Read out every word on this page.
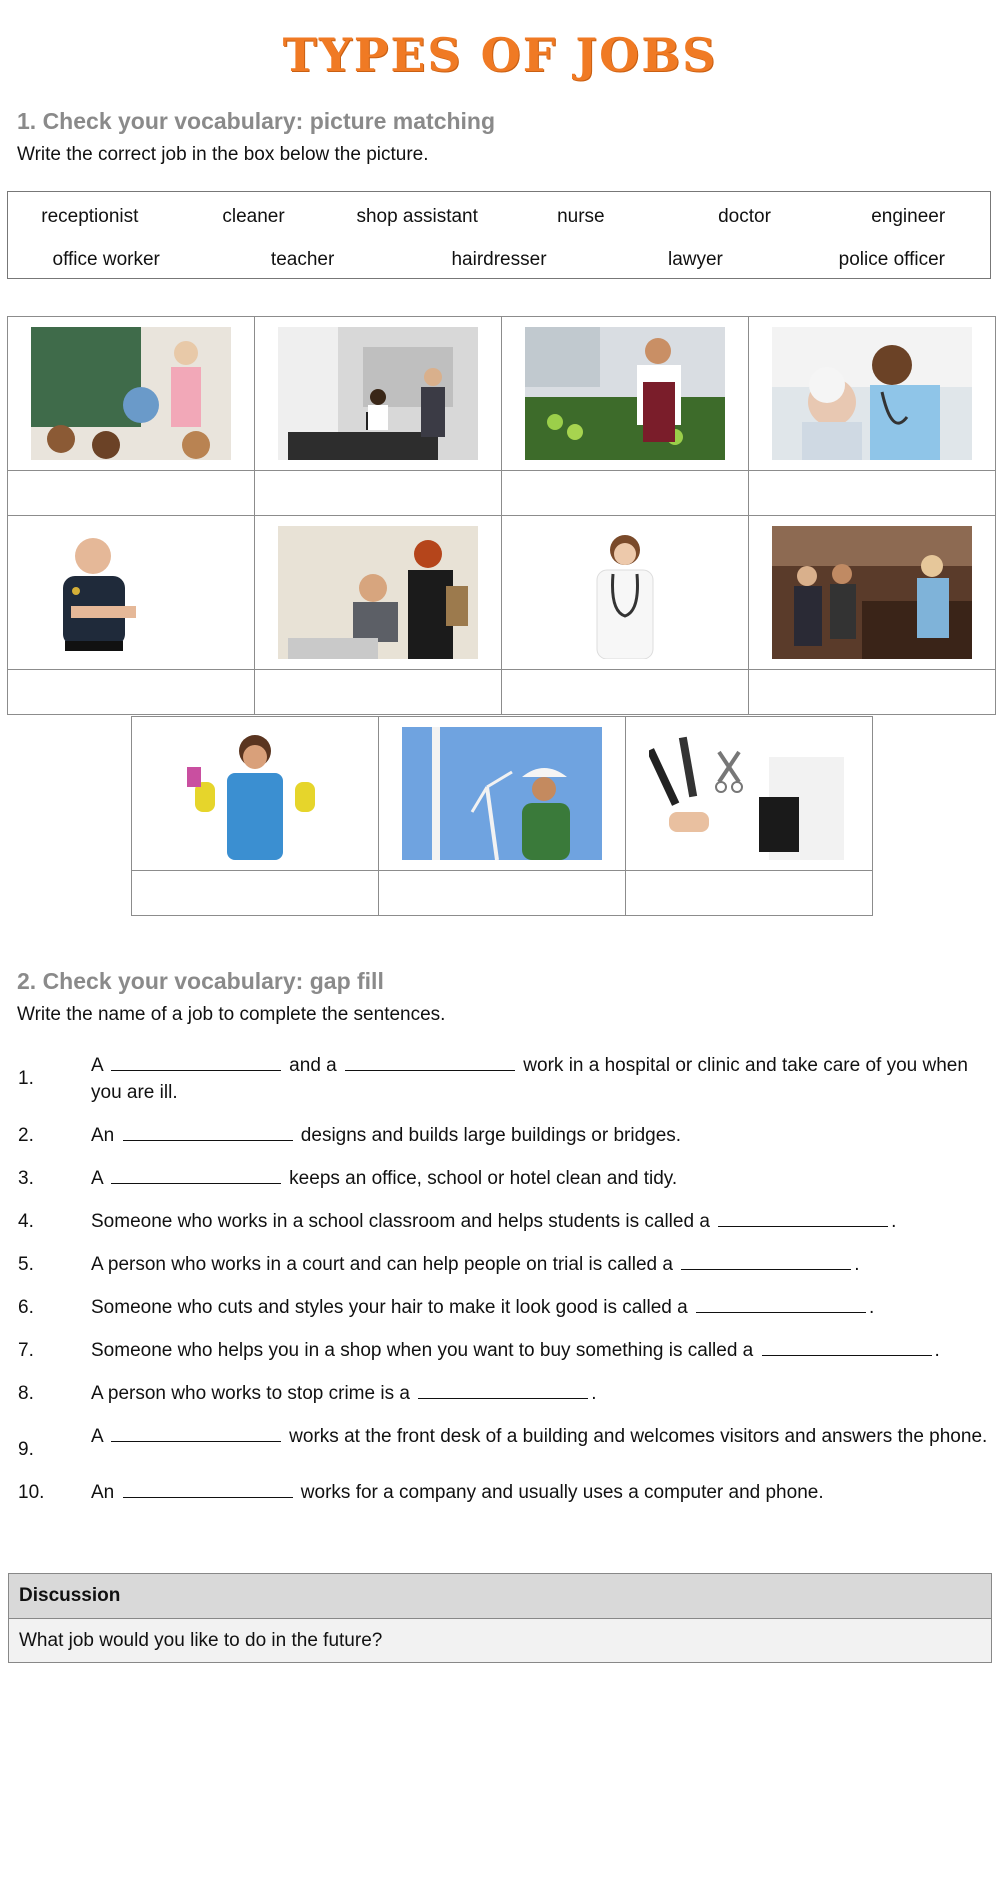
TYPES OF JOBS
1. Check your vocabulary: picture matching
Write the correct job in the box below the picture.
receptionist	cleaner	shop assistant	nurse	doctor	engineer
office worker	teacher	hairdresser	lawyer	police officer

2. Check your vocabulary: gap fill
Write the name of a job to complete the sentences.
1.
A	and a	work in a hospital or clinic and take care of you when you are ill.
2.	An	designs and builds large buildings or bridges.
3.	A	keeps an office, school or hotel clean and tidy.
4.	Someone who works in a school classroom and helps students is called a	.
5.	A person who works in a court and can help people on trial is called a	.
6.	Someone who cuts and styles your hair to make it look good is called a	.
7.	Someone who helps you in a shop when you want to buy something is called a	.
8.	A person who works to stop crime is a	.
9.
A	works at the front desk of a building and welcomes visitors and answers the phone.
10.	An	works for a company and usually uses a computer and phone.
Discussion
What job would you like to do in the future?
